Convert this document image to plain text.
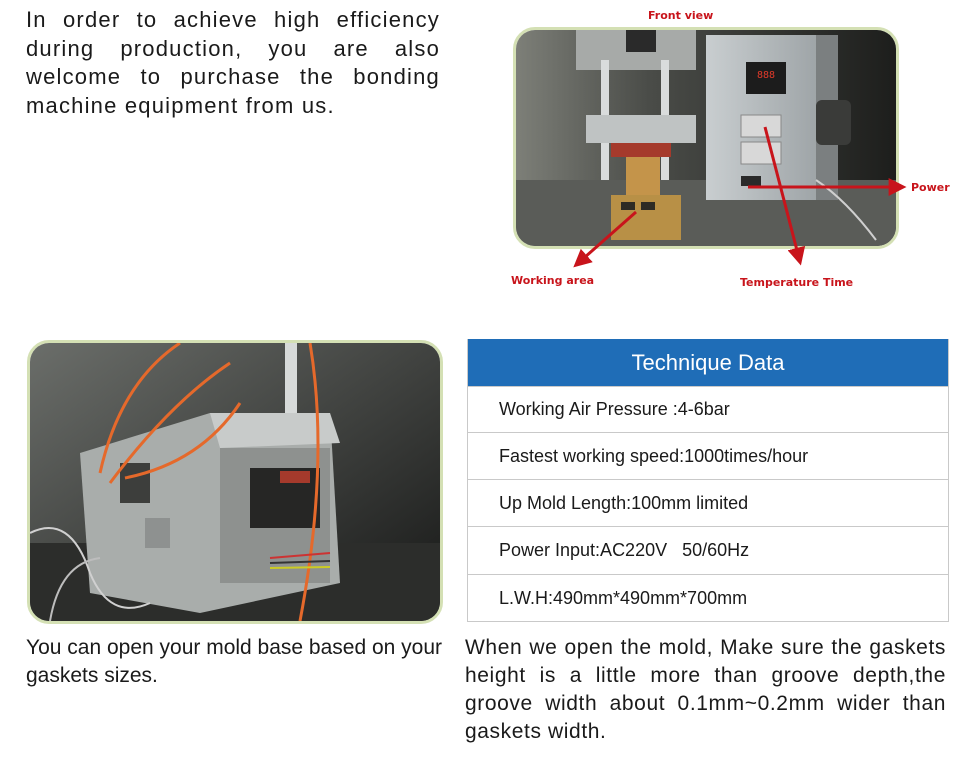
In order to achieve high efficiency during production, you are also welcome to purchase the bonding machine equipment from us.
Front view
888
Power
Working area	Temperature Time
Technique Data
Working Air Pressure :4-6bar
Fastest working speed:1000times/hour
Up Mold Length:100mm limited
Power Input:AC220V   50/60Hz
L.W.H:490mm*490mm*700mm
You can open your mold base based on your gaskets sizes.
When we open the mold, Make sure the gaskets height is a little more than groove depth,the groove width about 0.1mm~0.2mm wider than gaskets width.
